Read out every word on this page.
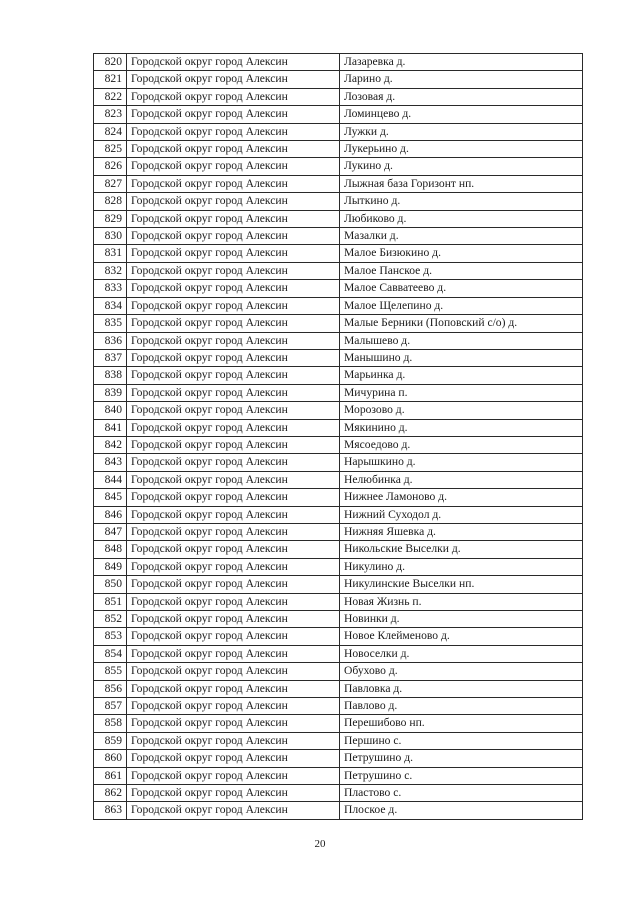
820	Городской округ город Алексин	Лазаревка д.
821	Городской округ город Алексин	Ларино д.
822	Городской округ город Алексин	Лозовая д.
823	Городской округ город Алексин	Ломинцево д.
824	Городской округ город Алексин	Лужки д.
825	Городской округ город Алексин	Лукерьино д.
826	Городской округ город Алексин	Лукино д.
827	Городской округ город Алексин	Лыжная база Горизонт нп.
828	Городской округ город Алексин	Лыткино д.
829	Городской округ город Алексин	Любиково д.
830	Городской округ город Алексин	Мазалки д.
831	Городской округ город Алексин	Малое Бизюкино д.
832	Городской округ город Алексин	Малое Панское д.
833	Городской округ город Алексин	Малое Савватеево д.
834	Городской округ город Алексин	Малое Щелепино д.
835	Городской округ город Алексин	Малые Берники (Поповский с/о) д.
836	Городской округ город Алексин	Малышево д.
837	Городской округ город Алексин	Манышино д.
838	Городской округ город Алексин	Марьинка д.
839	Городской округ город Алексин	Мичурина п.
840	Городской округ город Алексин	Морозово д.
841	Городской округ город Алексин	Мякинино д.
842	Городской округ город Алексин	Мясоедово д.
843	Городской округ город Алексин	Нарышкино д.
844	Городской округ город Алексин	Нелюбинка д.
845	Городской округ город Алексин	Нижнее Ламоново д.
846	Городской округ город Алексин	Нижний Суходол д.
847	Городской округ город Алексин	Нижняя Яшевка д.
848	Городской округ город Алексин	Никольские Выселки д.
849	Городской округ город Алексин	Никулино д.
850	Городской округ город Алексин	Никулинские Выселки нп.
851	Городской округ город Алексин	Новая Жизнь п.
852	Городской округ город Алексин	Новинки д.
853	Городской округ город Алексин	Новое Клейменово д.
854	Городской округ город Алексин	Новоселки д.
855	Городской округ город Алексин	Обухово д.
856	Городской округ город Алексин	Павловка д.
857	Городской округ город Алексин	Павлово д.
858	Городской округ город Алексин	Перешибово нп.
859	Городской округ город Алексин	Першино с.
860	Городской округ город Алексин	Петрушино д.
861	Городской округ город Алексин	Петрушино с.
862	Городской округ город Алексин	Пластово с.
863	Городской округ город Алексин	Плоское д.
20
